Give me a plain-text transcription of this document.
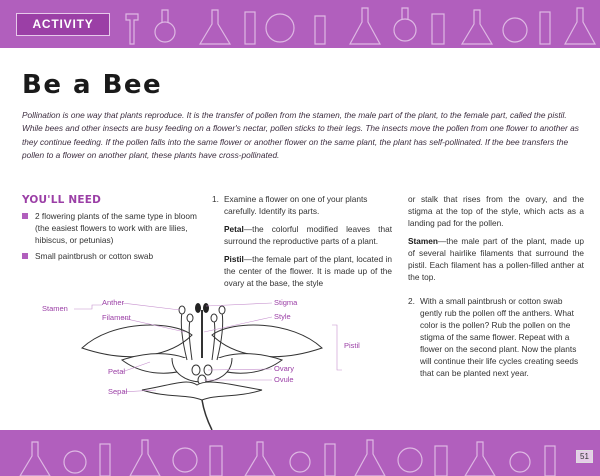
ACTIVITY
Be a Bee

Pollination is one way that plants reproduce. It is the transfer of pollen from the stamen, the male part of the plant, to the female part, called the pistil. While bees and other insects are busy feeding on a flower's nectar, pollen sticks to their legs. The insects move the pollen from one flower to another as they continue feeding. If the pollen falls into the same flower or another flower on the same plant, the plant has self-pollinated. If the bee transfers the pollen to a flower on another plant, these plants have cross-pollinated.

YOU'LL NEED
2 flowering plants of the same type in bloom (the easiest flowers to work with are lilies, hibiscus, or petunias)
Small paintbrush or cotton swab
1. Examine a flower on one of your plants carefully. Identify its parts.

Petal—the colorful modified leaves that surround the reproductive parts of a plant.

Pistil—the female part of the plant, located in the center of the flower. It is made up of the ovary at the base, the style

or stalk that rises from the ovary, and the stigma at the top of the style, which acts as a landing pad for the pollen.

Stamen—the male part of the plant, made up of several hairlike filaments that surround the pistil. Each filament has a pollen-filled anther at the top.

2. With a small paintbrush or cotton swab gently rub the pollen off the anthers. What color is the pollen? Rub the pollen on the stigma of the same flower. Repeat with a flower on the second plant. Now the plants will continue their life cycles creating seeds that can be planted next year.
Stamen
Anther
Filament
Petal
Sepal
Stigma
Style
Ovary
Ovule
Pistil
51
